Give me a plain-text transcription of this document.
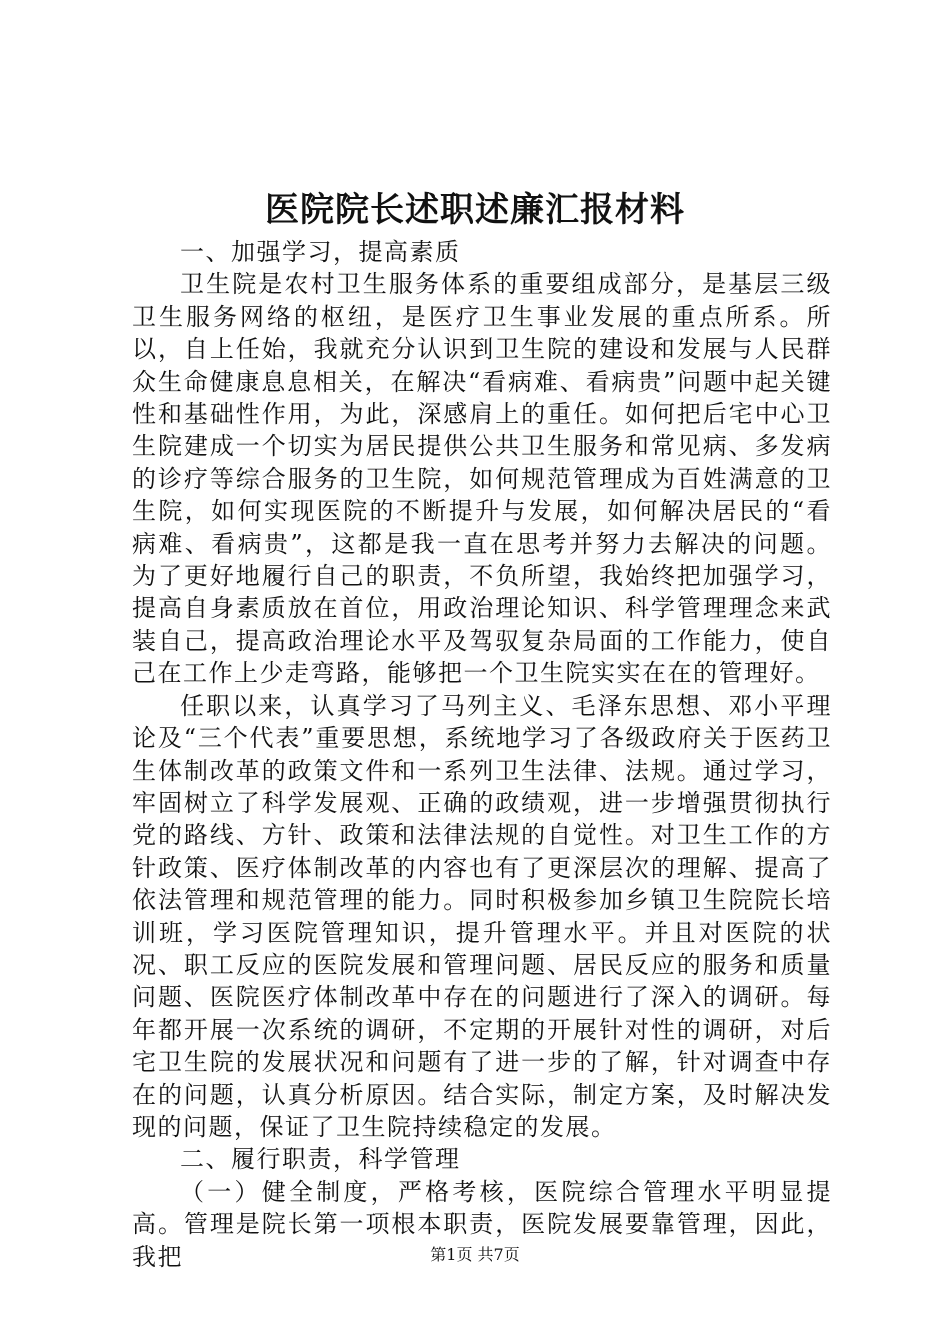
医院院长述职述廉汇报材料

一、加强学习，提高素质

卫生院是农村卫生服务体系的重要组成部分，是基层三级卫生服务网络的枢纽，是医疗卫生事业发展的重点所系。所以，自上任始，我就充分认识到卫生院的建设和发展与人民群众生命健康息息相关，在解决“看病难、看病贵”问题中起关键性和基础性作用，为此，深感肩上的重任。如何把后宅中心卫生院建成一个切实为居民提供公共卫生服务和常见病、多发病的诊疗等综合服务的卫生院，如何规范管理成为百姓满意的卫生院，如何实现医院的不断提升与发展，如何解决居民的“看病难、看病贵”，这都是我一直在思考并努力去解决的问题。为了更好地履行自己的职责，不负所望，我始终把加强学习，提高自身素质放在首位，用政治理论知识、科学管理理念来武装自己，提高政治理论水平及驾驭复杂局面的工作能力，使自己在工作上少走弯路，能够把一个卫生院实实在在的管理好。

任职以来，认真学习了马列主义、毛泽东思想、邓小平理论及“三个代表”重要思想，系统地学习了各级政府关于医药卫生体制改革的政策文件和一系列卫生法律、法规。通过学习，牢固树立了科学发展观、正确的政绩观，进一步增强贯彻执行党的路线、方针、政策和法律法规的自觉性。对卫生工作的方针政策、医疗体制改革的内容也有了更深层次的理解、提高了依法管理和规范管理的能力。同时积极参加乡镇卫生院院长培训班，学习医院管理知识，提升管理水平。并且对医院的状况、职工反应的医院发展和管理问题、居民反应的服务和质量问题、医院医疗体制改革中存在的问题进行了深入的调研。每年都开展一次系统的调研，不定期的开展针对性的调研，对后宅卫生院的发展状况和问题有了进一步的了解，针对调查中存在的问题，认真分析原因。结合实际，制定方案，及时解决发现的问题，保证了卫生院持续稳定的发展。

二、履行职责，科学管理

（一）健全制度，严格考核，医院综合管理水平明显提高。管理是院长第一项根本职责，医院发展要靠管理，因此，我把	第1页 共7页
